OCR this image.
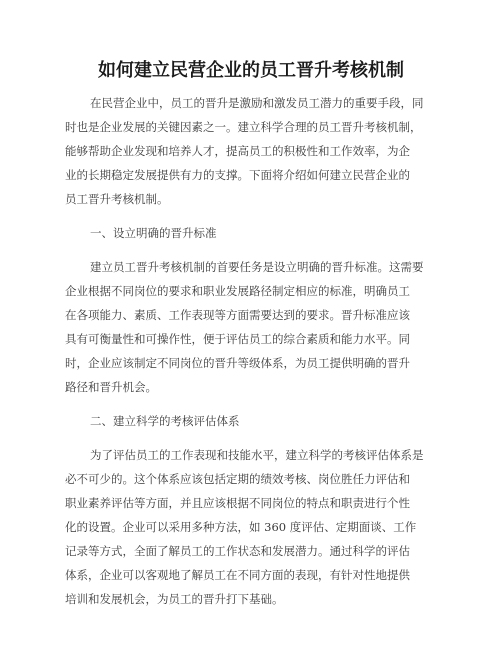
如何建立民营企业的员工晋升考核机制
在民营企业中，员工的晋升是激励和激发员工潜力的重要手段，同
时也是企业发展的关键因素之一。建立科学合理的员工晋升考核机制，
能够帮助企业发现和培养人才，提高员工的积极性和工作效率，为企
业的长期稳定发展提供有力的支撑。下面将介绍如何建立民营企业的
员工晋升考核机制。
一、设立明确的晋升标准
建立员工晋升考核机制的首要任务是设立明确的晋升标准。这需要
企业根据不同岗位的要求和职业发展路径制定相应的标准，明确员工
在各项能力、素质、工作表现等方面需要达到的要求。晋升标准应该
具有可衡量性和可操作性，便于评估员工的综合素质和能力水平。同
时，企业应该制定不同岗位的晋升等级体系，为员工提供明确的晋升
路径和晋升机会。
二、建立科学的考核评估体系
为了评估员工的工作表现和技能水平，建立科学的考核评估体系是
必不可少的。这个体系应该包括定期的绩效考核、岗位胜任力评估和
职业素养评估等方面，并且应该根据不同岗位的特点和职责进行个性
化的设置。企业可以采用多种方法，如 360 度评估、定期面谈、工作
记录等方式，全面了解员工的工作状态和发展潜力。通过科学的评估
体系，企业可以客观地了解员工在不同方面的表现，有针对性地提供
培训和发展机会，为员工的晋升打下基础。
